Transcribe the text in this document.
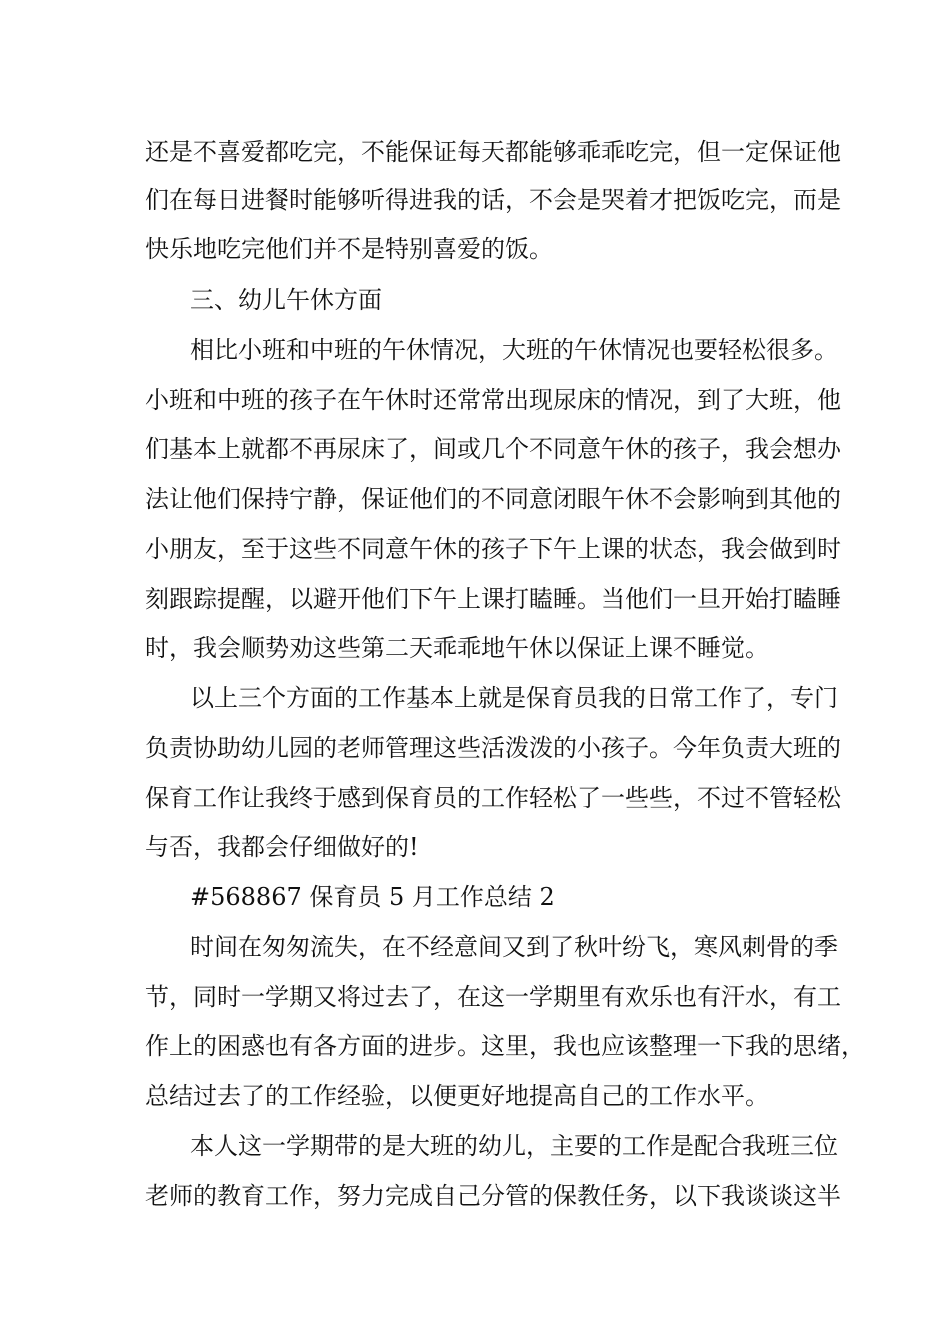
还是不喜爱都吃完，不能保证每天都能够乖乖吃完，但一定保证他
们在每日进餐时能够听得进我的话，不会是哭着才把饭吃完，而是
快乐地吃完他们并不是特别喜爱的饭。
三、幼儿午休方面
相比小班和中班的午休情况，大班的午休情况也要轻松很多。
小班和中班的孩子在午休时还常常出现尿床的情况，到了大班，他
们基本上就都不再尿床了，间或几个不同意午休的孩子，我会想办
法让他们保持宁静，保证他们的不同意闭眼午休不会影响到其他的
小朋友，至于这些不同意午休的孩子下午上课的状态，我会做到时
刻跟踪提醒，以避开他们下午上课打瞌睡。当他们一旦开始打瞌睡
时，我会顺势劝这些第二天乖乖地午休以保证上课不睡觉。
以上三个方面的工作基本上就是保育员我的日常工作了，专门
负责协助幼儿园的老师管理这些活泼泼的小孩子。今年负责大班的
保育工作让我终于感到保育员的工作轻松了一些些，不过不管轻松
与否，我都会仔细做好的!
#568867 保育员 5 月工作总结 2
时间在匆匆流失，在不经意间又到了秋叶纷飞，寒风刺骨的季
节，同时一学期又将过去了，在这一学期里有欢乐也有汗水，有工
作上的困惑也有各方面的进步。这里，我也应该整理一下我的思绪，
总结过去了的工作经验，以便更好地提高自己的工作水平。
本人这一学期带的是大班的幼儿，主要的工作是配合我班三位
老师的教育工作，努力完成自己分管的保教任务，以下我谈谈这半
